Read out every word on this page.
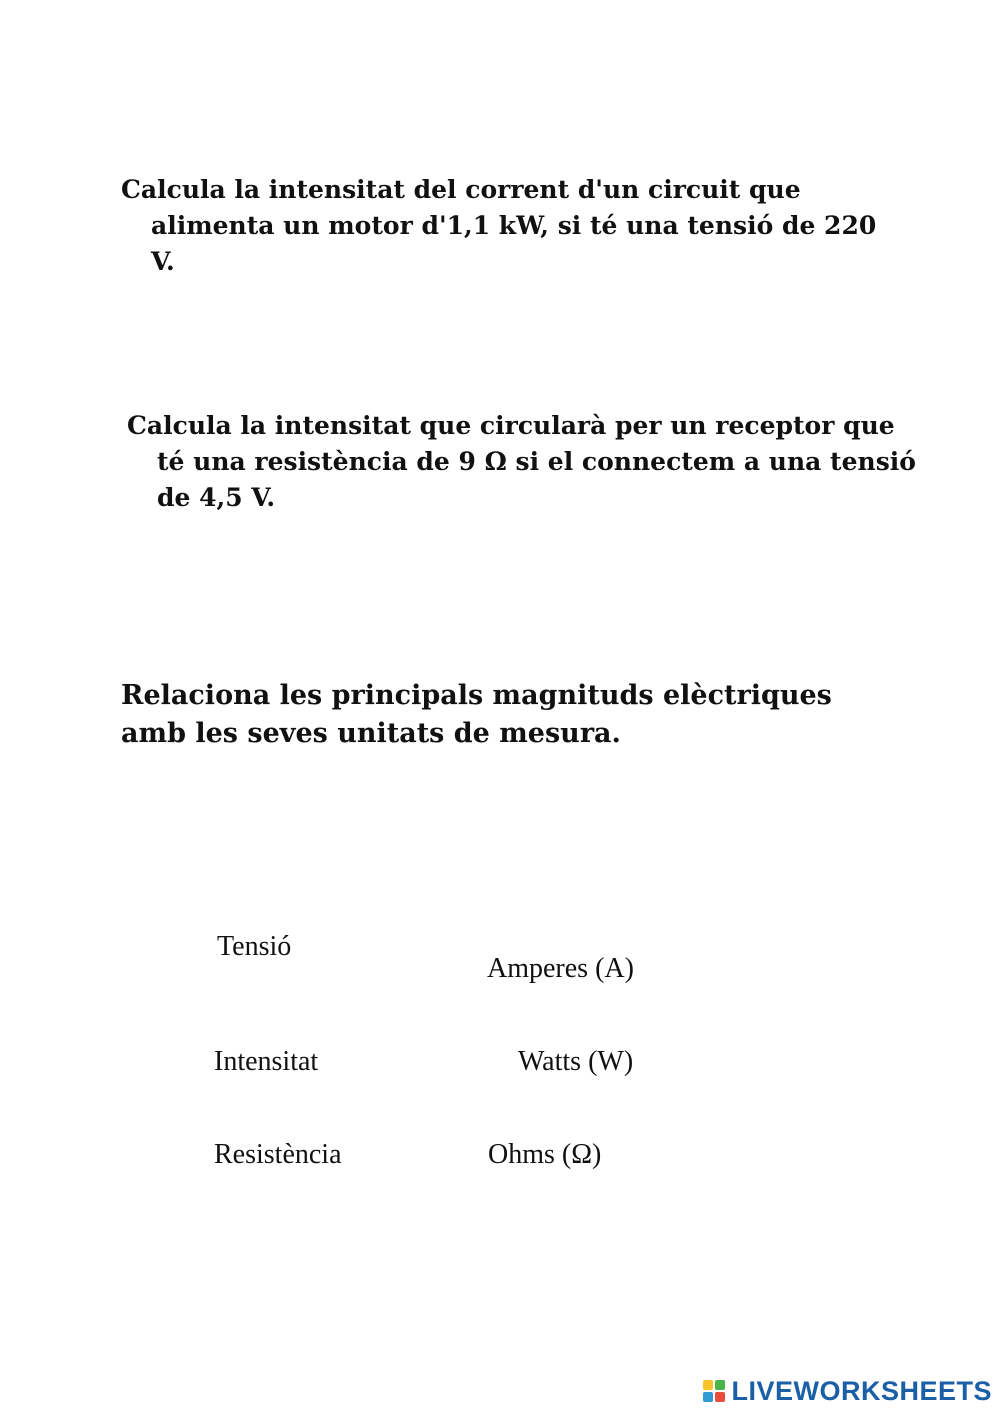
Calcula la intensitat del corrent d'un circuit que alimenta un motor d'1,1 kW, si té una tensió de 220 V.

Calcula la intensitat que circularà per un receptor que té una resistència de 9 Ω si el connectem a una tensió de 4,5 V.

Relaciona les principals magnituds elèctriques amb les seves unitats de mesura.

Tensió
Intensitat
Resistència
Amperes (A)
Watts (W)
Ohms (Ω)
LIVEWORKSHEETS
